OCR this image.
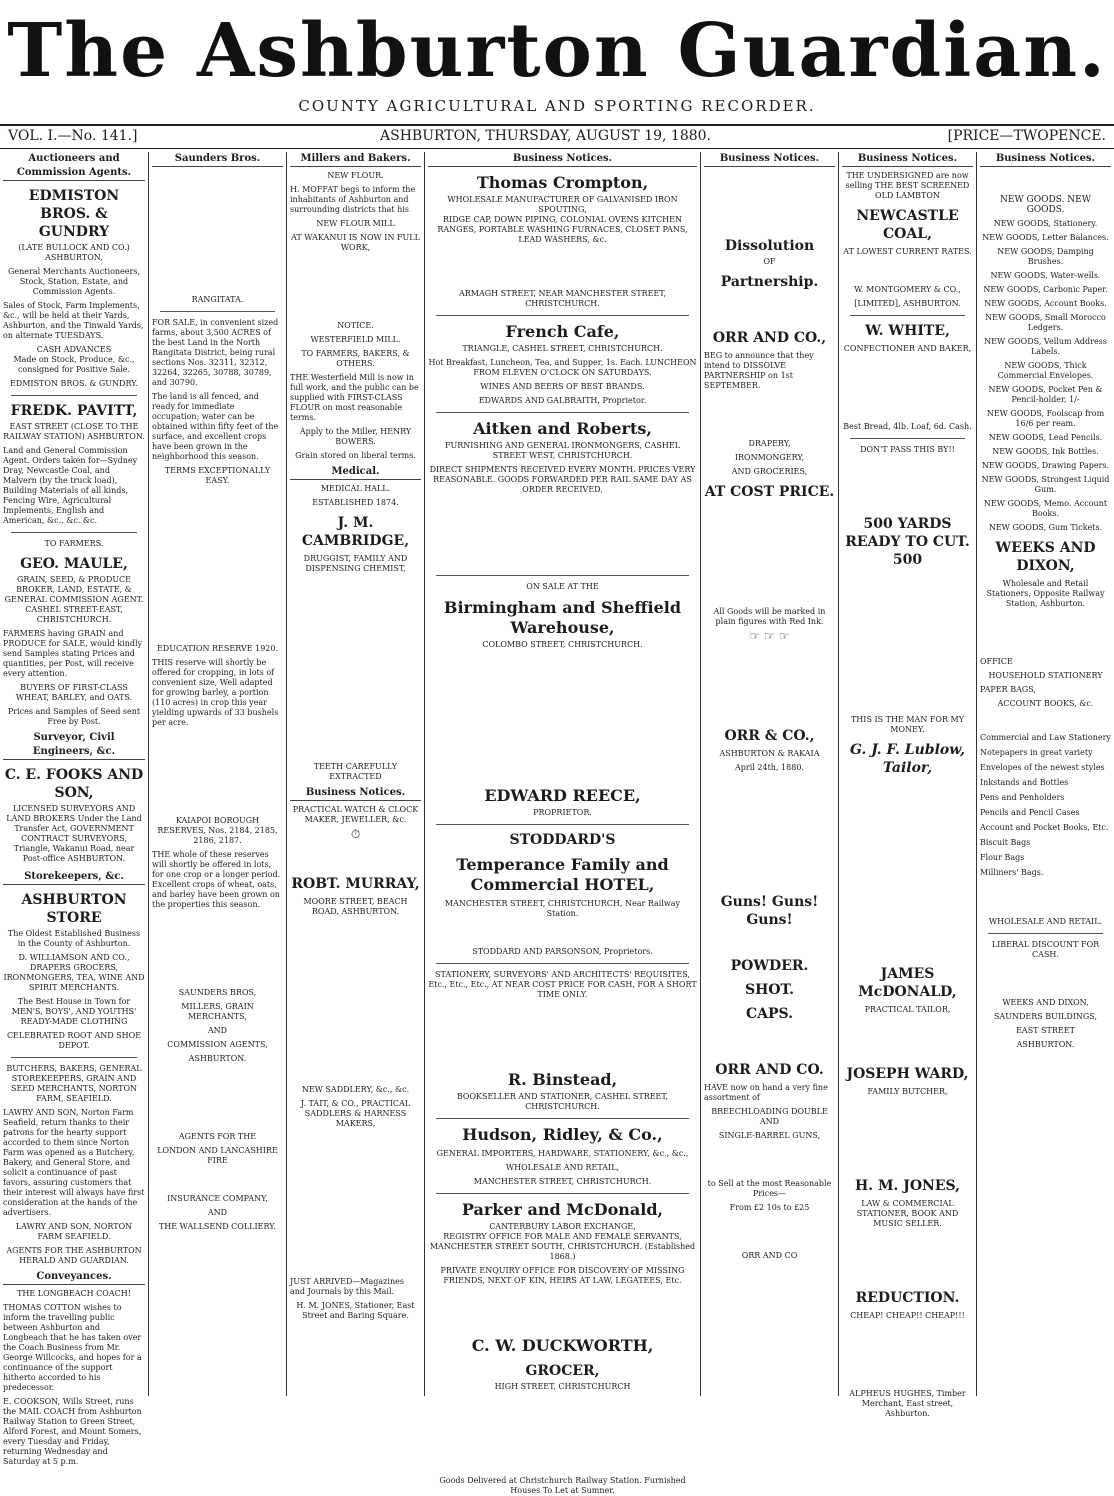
The Ashburton Guardian.
COUNTY AGRICULTURAL AND SPORTING RECORDER.
VOL. I.—No. 141.]	ASHBURTON, THURSDAY, AUGUST 19, 1880.	[PRICE—TWOPENCE.
Auctioneers and Commission Agents.
EDMISTON BROS. & GUNDRY
(LATE BULLOCK AND CO.)
ASHBURTON,
General Merchants Auctioneers, Stock, Station, Estate, and Commission Agents.
Sales of Stock, Farm Implements, &c., will be held at their Yards, Ashburton, and the Tinwald Yards, on alternate TUESDAYS.
CASH ADVANCES
Made on Stock, Produce, &c., consigned for Positive Sale.
EDMISTON BROS. & GUNDRY.
FREDK. PAVITT,
EAST STREET (CLOSE TO THE RAILWAY STATION) ASHBURTON.
Land and General Commission Agent. Orders taken for—Sydney Dray, Newcastle Coal, and Malvern (by the truck load), Building Materials of all kinds, Fencing Wire, Agricultural Implements, English and American, &c., &c. &c.
TO FARMERS.
GEO. MAULE,
GRAIN, SEED, & PRODUCE BROKER, LAND, ESTATE, & GENERAL COMMISSION AGENT.
CASHEL STREET-EAST, CHRISTCHURCH.
FARMERS having GRAIN and PRODUCE for SALE, would kindly send Samples stating Prices and quantities, per Post, will receive every attention.
BUYERS OF FIRST-CLASS WHEAT, BARLEY, and OATS.
Prices and Samples of Seed sent Free by Post.
Surveyor, Civil Engineers, &c.
C. E. FOOKS AND SON,
LICENSED SURVEYORS AND LAND BROKERS Under the Land Transfer Act, GOVERNMENT CONTRACT SURVEYORS, Triangle, Wakanui Road, near Post-office ASHBURTON.
Storekeepers, &c.
ASHBURTON STORE
The Oldest Established Business in the County of Ashburton.
D. WILLIAMSON AND CO., DRAPERS GROCERS, IRONMONGERS, TEA, WINE AND SPIRIT MERCHANTS.
The Best House in Town for MEN'S, BOYS', AND YOUTHS' READY-MADE CLOTHING
CELEBRATED ROOT AND SHOE DEPOT.
BUTCHERS, BAKERS, GENERAL STOREKEEPERS, GRAIN AND SEED MERCHANTS, NORTON FARM, SEAFIELD.
LAWRY AND SON, Norton Farm Seafield, return thanks to their patrons for the hearty support accorded to them since Norton Farm was opened as a Butchery, Bakery, and General Store, and solicit a continuance of past favors, assuring customers that their interest will always have first consideration at the hands of the advertisers.
LAWRY AND SON, NORTON FARM SEAFIELD.
AGENTS FOR THE ASHBURTON HERALD AND GUARDIAN.
Conveyances.
THE LONGBEACH COACH!
THOMAS COTTON wishes to inform the travelling public between Ashburton and Longbeach that he has taken over the Coach Business from Mr. George Willcocks, and hopes for a continuance of the support hitherto accorded to his predecessor.
E. COOKSON, Wills Street, runs the MAIL COACH from Ashburton Railway Station to Green Street, Alford Forest, and Mount Somers, every Tuesday and Friday, returning Wednesday and Saturday at 5 p.m.
Saunders Bros.
RANGITATA.
FOR SALE, in convenient sized farms, about 3,500 ACRES of the best Land in the North Rangitata District, being rural sections Nos. 32311, 32312, 32264, 32265, 30788, 30789, and 30790.
The land is all fenced, and ready for immediate occupation; water can be obtained within fifty feet of the surface, and excellent crops have been grown in the neighborhood this season.
TERMS EXCEPTIONALLY EASY.
EDUCATION RESERVE 1920.
THIS reserve will shortly be offered for cropping, in lots of convenient size, Well adapted for growing barley, a portion (110 acres) in crop this year yielding upwards of 33 bushels per acre.
KAIAPOI BOROUGH RESERVES, Nos. 2184, 2185, 2186, 2187.
THE whole of these reserves will shortly be offered in lots, for one crop or a longer period. Excellent crops of wheat, oats, and barley have been grown on the properties this season.
SAUNDERS BROS,
MILLERS, GRAIN MERCHANTS,
AND
COMMISSION AGENTS,
ASHBURTON.
AGENTS FOR THE
LONDON AND LANCASHIRE FIRE
INSURANCE COMPANY,
AND
THE WALLSEND COLLIERY.
Millers and Bakers.
NEW FLOUR.
H. MOFFAT begs to inform the inhabitants of Ashburton and surrounding districts that his
NEW FLOUR MILL
AT WAKANUI IS NOW IN FULL WORK,
NOTICE.
WESTERFIELD MILL.
TO FARMERS, BAKERS, & OTHERS.
THE Westerfield Mill is now in full work, and the public can be supplied with FIRST-CLASS FLOUR on most reasonable terms.
Apply to the Miller, HENRY BOWERS.
Grain stored on liberal terms.
Medical.
MEDICAL HALL.
ESTABLISHED 1874.
J. M. CAMBRIDGE,
DRUGGIST, FAMILY AND DISPENSING CHEMIST,
TEETH CAREFULLY EXTRACTED
Business Notices.
PRACTICAL WATCH & CLOCK MAKER, JEWELLER, &c.
⏱
ROBT. MURRAY,
MOORE STREET, BEACH ROAD, ASHBURTON.
NEW SADDLERY, &c., &c.
J. TAIT, & CO., PRACTICAL SADDLERS & HARNESS MAKERS,
JUST ARRIVED—Magazines and Journals by this Mail.
H. M. JONES, Stationer, East Street and Baring Square.
Business Notices.
Thomas Crompton,
WHOLESALE MANUFACTURER OF GALVANISED IRON SPOUTING,
RIDGE CAP, DOWN PIPING, COLONIAL OVENS KITCHEN RANGES, PORTABLE WASHING FURNACES, CLOSET PANS, LEAD WASHERS, &c.
ARMAGH STREET, NEAR MANCHESTER STREET, CHRISTCHURCH.
French Cafe,
TRIANGLE, CASHEL STREET, CHRISTCHURCH.
Hot Breakfast, Luncheon, Tea, and Supper, 1s. Each. LUNCHEON FROM ELEVEN O'CLOCK ON SATURDAYS.
WINES AND BEERS OF BEST BRANDS.
EDWARDS AND GALBRAITH, Proprietor.
Aitken and Roberts,
FURNISHING AND GENERAL IRONMONGERS, CASHEL STREET WEST, CHRISTCHURCH.
DIRECT SHIPMENTS RECEIVED EVERY MONTH. PRICES VERY REASONABLE. GOODS FORWARDED PER RAIL SAME DAY AS ORDER RECEIVED.
ON SALE AT THE
Birmingham and Sheffield Warehouse,
COLOMBO STREET, CHRISTCHURCH.
EDWARD REECE,
PROPRIETOR.
STODDARD'S
Temperance Family and Commercial HOTEL,
MANCHESTER STREET, CHRISTCHURCH, Near Railway Station.
STODDARD AND PARSONSON, Proprietors.
STATIONERY, SURVEYORS' AND ARCHITECTS' REQUISITES, Etc., Etc., Etc., AT NEAR COST PRICE FOR CASH, FOR A SHORT TIME ONLY.
R. Binstead,
BOOKSELLER AND STATIONER, CASHEL STREET, CHRISTCHURCH.
Hudson, Ridley, & Co.,
GENERAL IMPORTERS, HARDWARE, STATIONERY, &c., &c.,
WHOLESALE AND RETAIL,
MANCHESTER STREET, CHRISTCHURCH.
Parker and McDonald,
CANTERBURY LABOR EXCHANGE,
REGISTRY OFFICE FOR MALE AND FEMALE SERVANTS, MANCHESTER STREET SOUTH, CHRISTCHURCH. (Established 1868.)
PRIVATE ENQUIRY OFFICE FOR DISCOVERY OF MISSING FRIENDS, NEXT OF KIN, HEIRS AT LAW, LEGATEES, Etc.
C. W. DUCKWORTH,
GROCER,
HIGH STREET, CHRISTCHURCH
Goods Delivered at Christchurch Railway Station. Furnished Houses To Let at Sumner.
Business Notices.
Dissolution
OF
Partnership.
ORR AND CO.,
BEG to announce that they intend to DISSOLVE PARTNERSHIP on 1st SEPTEMBER.
DRAPERY,
IRONMONGERY,
AND GROCERIES,
AT COST PRICE.
All Goods will be marked in plain figures with Red Ink.
☞ ☞ ☞
ORR & CO.,
ASHBURTON & RAKAIA
April 24th, 1880.
Guns! Guns! Guns!
POWDER.
SHOT.
CAPS.
ORR AND CO.
HAVE now on hand a very fine assortment of
BREECHLOADING DOUBLE AND
SINGLE-BARREL GUNS,
to Sell at the most Reasonable Prices—
From £2 10s to £25
ORR AND CO
Business Notices.
THE UNDERSIGNED are now selling THE BEST SCREENED OLD LAMBTON
NEWCASTLE COAL,
AT LOWEST CURRENT RATES.
W. MONTGOMERY & CO.,
[LIMITED], ASHBURTON.
W. WHITE,
CONFECTIONER AND BAKER,
Best Bread, 4lb. Loaf, 6d. Cash.
DON'T PASS THIS BY!!
500 YARDS READY TO CUT. 500
THIS IS THE MAN FOR MY MONEY.
G. J. F. Lublow, Tailor,
JAMES McDONALD,
PRACTICAL TAILOR,
JOSEPH WARD,
FAMILY BUTCHER,
H. M. JONES,
LAW & COMMERCIAL STATIONER, BOOK AND MUSIC SELLER.
REDUCTION.
CHEAP! CHEAP!! CHEAP!!!
ALPHEUS HUGHES, Timber Merchant, East street, Ashburton.
Business Notices.
NEW GOODS. NEW GOODS.
NEW GOODS, Stationery.
NEW GOODS, Letter Balances.
NEW GOODS, Damping Brushes.
NEW GOODS, Water-wells.
NEW GOODS, Carbonic Paper.
NEW GOODS, Account Books.
NEW GOODS, Small Morocco Ledgers.
NEW GOODS, Vellum Address Labels.
NEW GOODS, Thick Commercial Envelopes.
NEW GOODS, Pocket Pen & Pencil-holder, 1/-
NEW GOODS, Foolscap from 16/6 per ream.
NEW GOODS, Lead Pencils.
NEW GOODS, Ink Bottles.
NEW GOODS, Drawing Papers.
NEW GOODS, Strongest Liquid Gum.
NEW GOODS, Memo. Account Books.
NEW GOODS, Gum Tickets.
WEEKS AND DIXON,
Wholesale and Retail Stationers, Opposite Railway Station, Ashburton.
OFFICE
HOUSEHOLD STATIONERY
PAPER BAGS,
ACCOUNT BOOKS, &c.
Commercial and Law Stationery
Notepapers in great variety
Envelopes of the newest styles
Inkstands and Bottles
Pens and Penholders
Pencils and Pencil Cases
Account and Pocket Books, Etc.
Biscuit Bags
Flour Bags
Milliners' Bags.
WHOLESALE AND RETAIL.
LIBERAL DISCOUNT FOR CASH.
WEEKS AND DIXON,
SAUNDERS BUILDINGS,
EAST STREET
ASHBURTON.
